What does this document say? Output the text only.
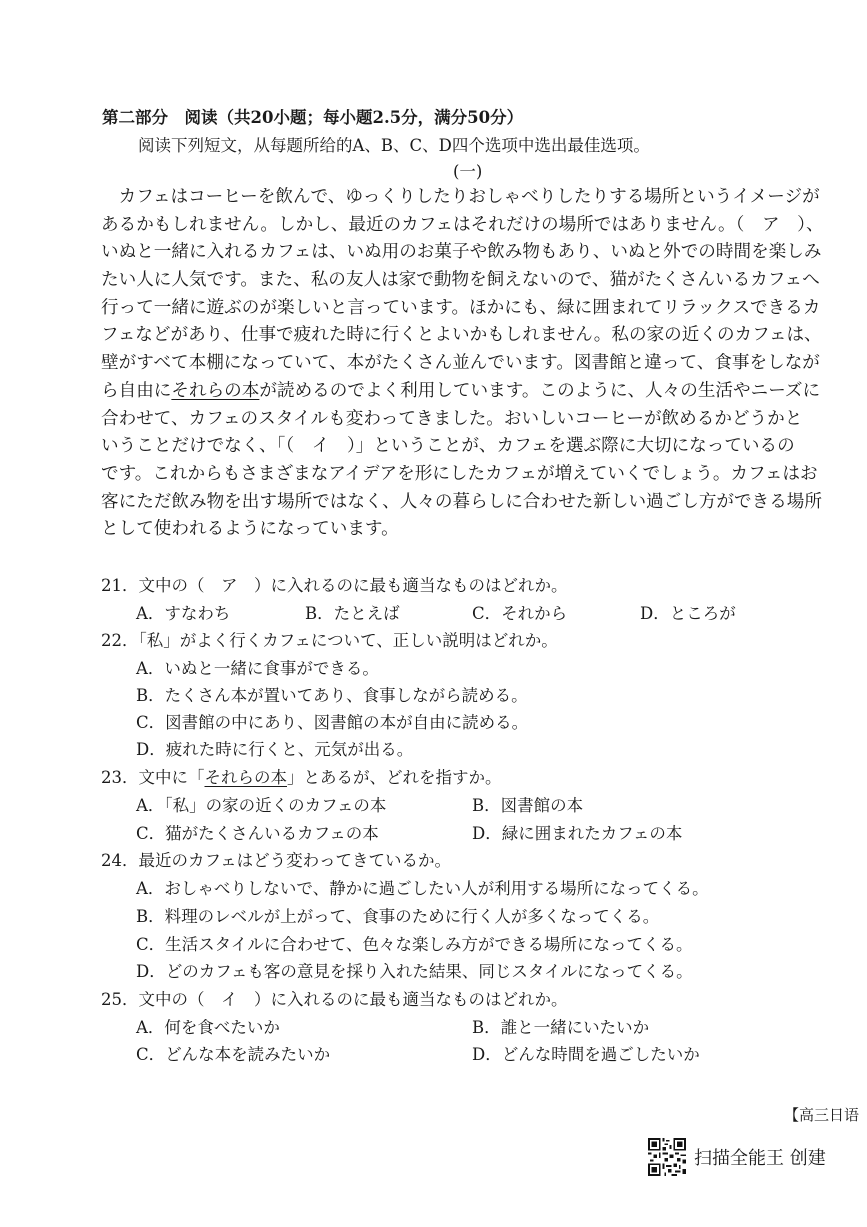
第二部分　阅读（共20小题；每小题2.5分，满分50分）
阅读下列短文，从每题所给的A、B、C、D四个选项中选出最佳选项。
(一)
　カフェはコーヒーを飲んで、ゆっくりしたりおしゃべりしたりする場所というイメージが
あるかもしれません。しかし、最近のカフェはそれだけの場所ではありません。（　ア　）、
いぬと一緒に入れるカフェは、いぬ用のお菓子や飲み物もあり、いぬと外での時間を楽しみ
たい人に人気です。また、私の友人は家で動物を飼えないので、猫がたくさんいるカフェへ
行って一緒に遊ぶのが楽しいと言っています。ほかにも、緑に囲まれてリラックスできるカ
フェなどがあり、仕事で疲れた時に行くとよいかもしれません。私の家の近くのカフェは、
壁がすべて本棚になっていて、本がたくさん並んでいます。図書館と違って、食事をしなが
ら自由にそれらの本が読めるのでよく利用しています。このように、人々の生活やニーズに
合わせて、カフェのスタイルも変わってきました。おいしいコーヒーが飲めるかどうかと
いうことだけでなく、「（　イ　）」ということが、カフェを選ぶ際に大切になっているの
です。これからもさまざまなアイデアを形にしたカフェが増えていくでしょう。カフェはお
客にただ飲み物を出す場所ではなく、人々の暮らしに合わせた新しい過ごし方ができる場所
として使われるようになっています。
21．文中の（　ア　）に入れるのに最も適当なものはどれか。
A．すなわち	B．たとえば	C．それから	D．ところが
22．「私」がよく行くカフェについて、正しい説明はどれか。
A．いぬと一緒に食事ができる。
B．たくさん本が置いてあり、食事しながら読める。
C．図書館の中にあり、図書館の本が自由に読める。
D．疲れた時に行くと、元気が出る。
23．文中に「それらの本」とあるが、どれを指すか。
A．「私」の家の近くのカフェの本	B．図書館の本
C．猫がたくさんいるカフェの本	D．緑に囲まれたカフェの本
24．最近のカフェはどう変わってきているか。
A．おしゃべりしないで、静かに過ごしたい人が利用する場所になってくる。
B．料理のレベルが上がって、食事のために行く人が多くなってくる。
C．生活スタイルに合わせて、色々な楽しみ方ができる場所になってくる。
D．どのカフェも客の意見を採り入れた結果、同じスタイルになってくる。
25．文中の（　イ　）に入れるのに最も適当なものはどれか。
A．何を食べたいか	B．誰と一緒にいたいか
C．どんな本を読みたいか	D．どんな時間を過ごしたいか
【高三日语
扫描全能王 创建
